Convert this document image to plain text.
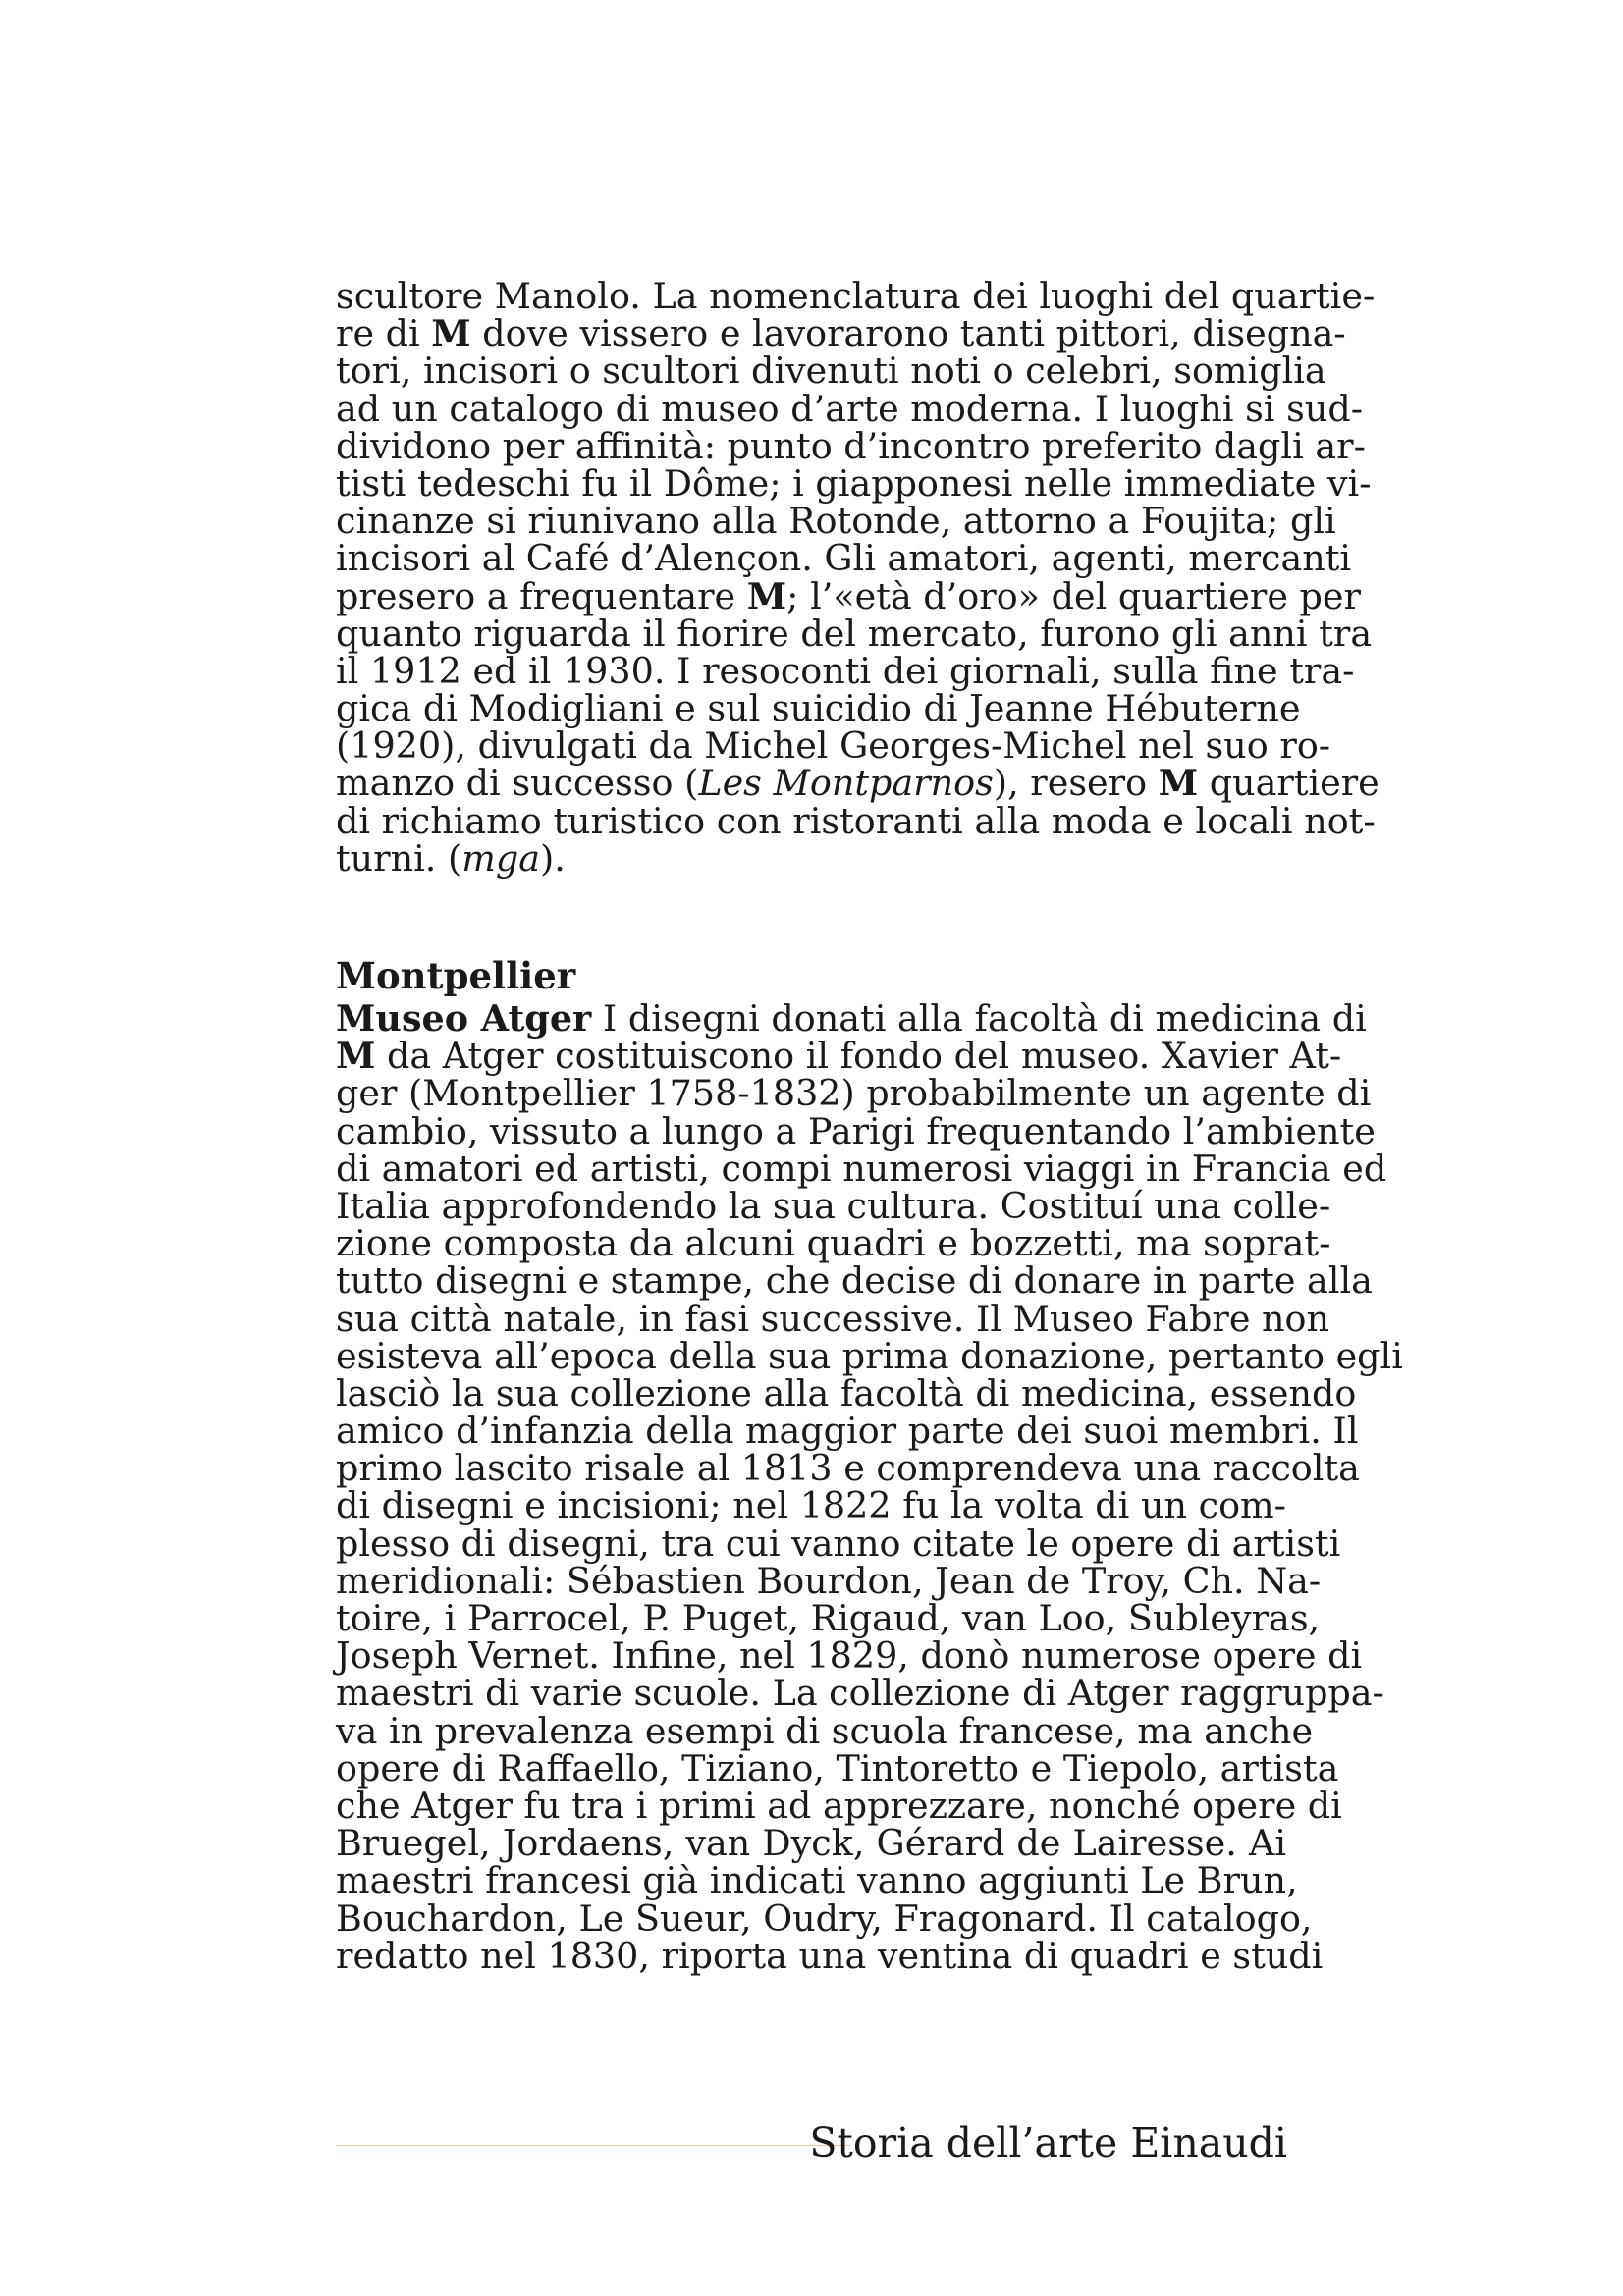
scultore Manolo. La nomenclatura dei luoghi del quartie-
re di M dove vissero e lavorarono tanti pittori, disegna-
tori, incisori o scultori divenuti noti o celebri, somiglia
ad un catalogo di museo d’arte moderna. I luoghi si sud-
dividono per affinità: punto d’incontro preferito dagli ar-
tisti tedeschi fu il Dôme; i giapponesi nelle immediate vi-
cinanze si riunivano alla Rotonde, attorno a Foujita; gli
incisori al Café d’Alençon. Gli amatori, agenti, mercanti
presero a frequentare M; l’«età d’oro» del quartiere per
quanto riguarda il fiorire del mercato, furono gli anni tra
il 1912 ed il 1930. I resoconti dei giornali, sulla fine tra-
gica di Modigliani e sul suicidio di Jeanne Hébuterne
(1920), divulgati da Michel Georges-Michel nel suo ro-
manzo di successo (Les Montparnos), resero M quartiere
di richiamo turistico con ristoranti alla moda e locali not-
turni. (mga).
Montpellier
Museo Atger I disegni donati alla facoltà di medicina di
M da Atger costituiscono il fondo del museo. Xavier At-
ger (Montpellier 1758-1832) probabilmente un agente di
cambio, vissuto a lungo a Parigi frequentando l’ambiente
di amatori ed artisti, compi numerosi viaggi in Francia ed
Italia approfondendo la sua cultura. Costituí una colle-
zione composta da alcuni quadri e bozzetti, ma soprat-
tutto disegni e stampe, che decise di donare in parte alla
sua città natale, in fasi successive. Il Museo Fabre non
esisteva all’epoca della sua prima donazione, pertanto egli
lasciò la sua collezione alla facoltà di medicina, essendo
amico d’infanzia della maggior parte dei suoi membri. Il
primo lascito risale al 1813 e comprendeva una raccolta
di disegni e incisioni; nel 1822 fu la volta di un com-
plesso di disegni, tra cui vanno citate le opere di artisti
meridionali: Sébastien Bourdon, Jean de Troy, Ch. Na-
toire, i Parrocel, P. Puget, Rigaud, van Loo, Subleyras,
Joseph Vernet. Infine, nel 1829, donò numerose opere di
maestri di varie scuole. La collezione di Atger raggruppa-
va in prevalenza esempi di scuola francese, ma anche
opere di Raffaello, Tiziano, Tintoretto e Tiepolo, artista
che Atger fu tra i primi ad apprezzare, nonché opere di
Bruegel, Jordaens, van Dyck, Gérard de Lairesse. Ai
maestri francesi già indicati vanno aggiunti Le Brun,
Bouchardon, Le Sueur, Oudry, Fragonard. Il catalogo,
redatto nel 1830, riporta una ventina di quadri e studi
Storia dell’arte Einaudi
